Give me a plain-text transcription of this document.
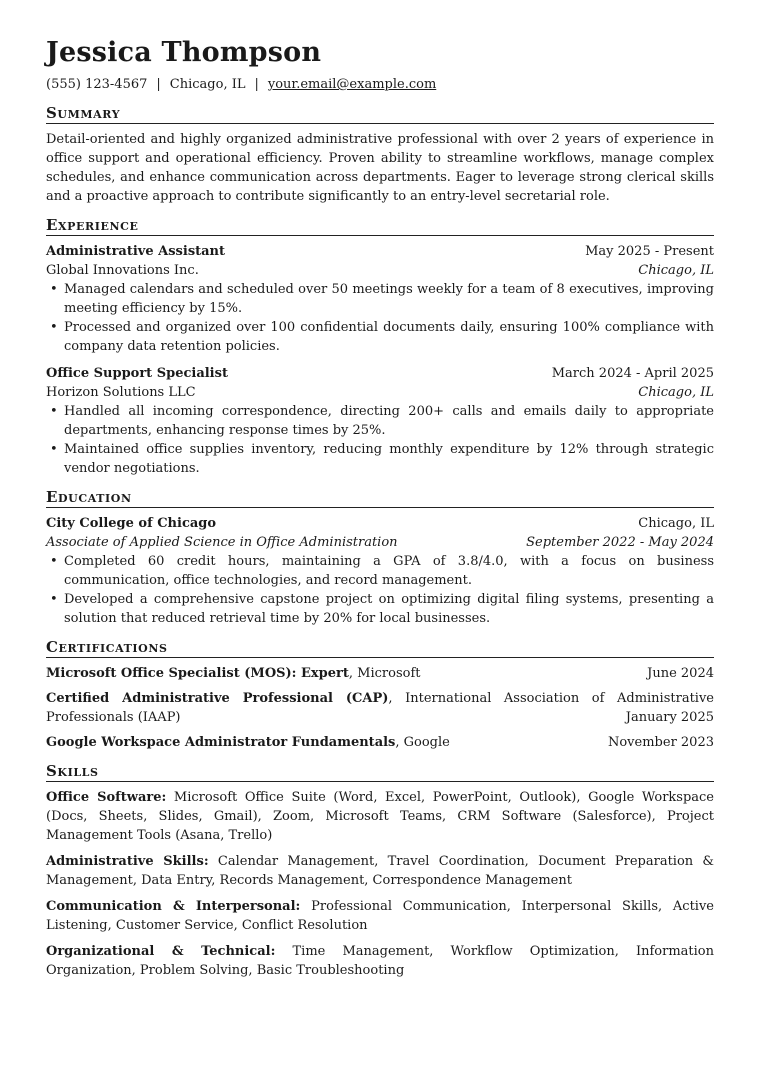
Jessica Thompson
(555) 123-4567 | Chicago, IL | your.email@example.com
Summary
Detail-oriented and highly organized administrative professional with over 2 years of experience in office support and operational efficiency. Proven ability to streamline workflows, manage complex schedules, and enhance communication across departments. Eager to leverage strong clerical skills and a proactive approach to contribute significantly to an entry-level secretarial role.
Experience
Administrative Assistant	May 2025 - Present
Global Innovations Inc.	Chicago, IL
• Managed calendars and scheduled over 50 meetings weekly for a team of 8 executives, improving meeting efficiency by 15%.
• Processed and organized over 100 confidential documents daily, ensuring 100% compliance with company data retention policies.
Office Support Specialist	March 2024 - April 2025
Horizon Solutions LLC	Chicago, IL
• Handled all incoming correspondence, directing 200+ calls and emails daily to appropriate departments, enhancing response times by 25%.
• Maintained office supplies inventory, reducing monthly expenditure by 12% through strategic vendor negotiations.
Education
City College of Chicago	Chicago, IL
Associate of Applied Science in Office Administration	September 2022 - May 2024
• Completed 60 credit hours, maintaining a GPA of 3.8/4.0, with a focus on business communication, office technologies, and record management.
• Developed a comprehensive capstone project on optimizing digital filing systems, presenting a solution that reduced retrieval time by 20% for local businesses.
Certifications
Microsoft Office Specialist (MOS): Expert, Microsoft	June 2024
Certified Administrative Professional (CAP), International Association of Administrative Professionals (IAAP)	January 2025
Google Workspace Administrator Fundamentals, Google	November 2023
Skills
Office Software: Microsoft Office Suite (Word, Excel, PowerPoint, Outlook), Google Workspace (Docs, Sheets, Slides, Gmail), Zoom, Microsoft Teams, CRM Software (Salesforce), Project Management Tools (Asana, Trello)
Administrative Skills: Calendar Management, Travel Coordination, Document Preparation & Management, Data Entry, Records Management, Correspondence Management
Communication & Interpersonal: Professional Communication, Interpersonal Skills, Active Listening, Customer Service, Conflict Resolution
Organizational & Technical: Time Management, Workflow Optimization, Information Organization, Problem Solving, Basic Troubleshooting
